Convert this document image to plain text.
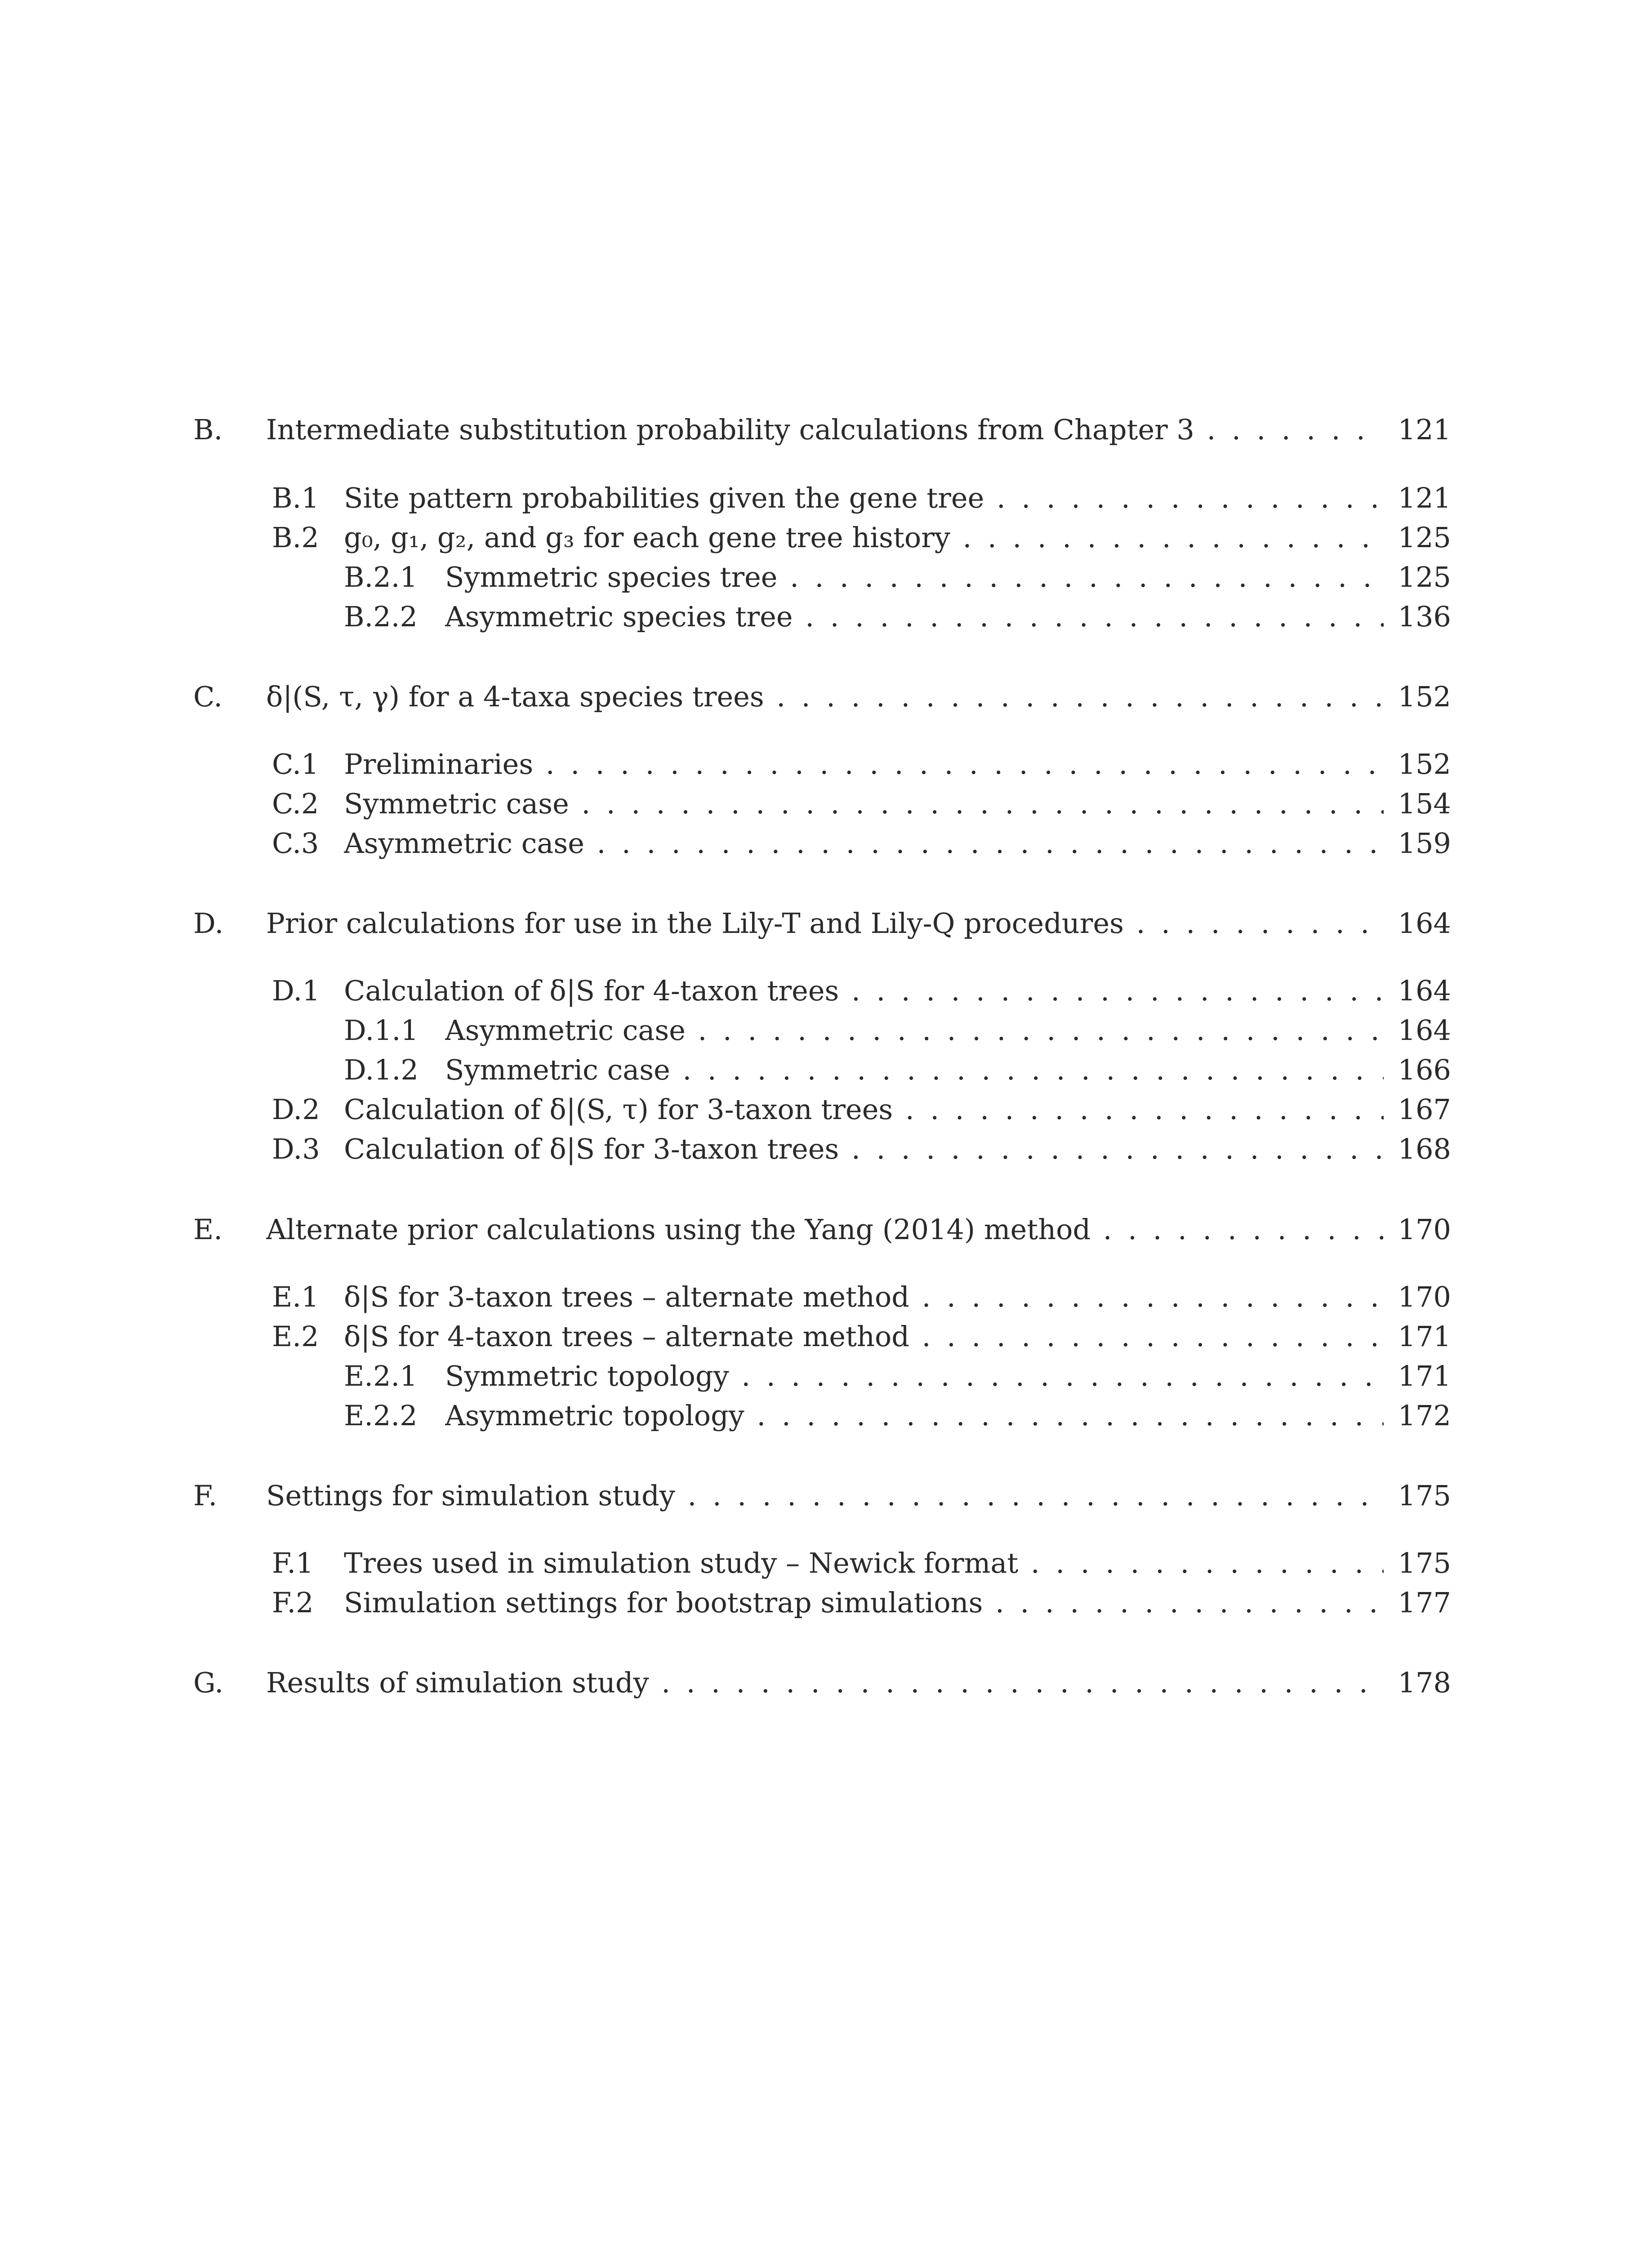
B. Intermediate substitution probability calculations from Chapter 3 . . .	121
B.1 Site pattern probabilities given the gene tree . . .	121
B.2 g₀, g₁, g₂, and g₃ for each gene tree history . . .	125
B.2.1 Symmetric species tree . . .	125
B.2.2 Asymmetric species tree . . .	136
C. δ|(S, τ, γ) for a 4-taxa species trees . . .	152
C.1 Preliminaries . . .	152
C.2 Symmetric case . . .	154
C.3 Asymmetric case . . .	159
D. Prior calculations for use in the Lily-T and Lily-Q procedures . . .	164
D.1 Calculation of δ|S for 4-taxon trees . . .	164
D.1.1 Asymmetric case . . .	164
D.1.2 Symmetric case . . .	166
D.2 Calculation of δ|(S, τ) for 3-taxon trees . . .	167
D.3 Calculation of δ|S for 3-taxon trees . . .	168
E. Alternate prior calculations using the Yang (2014) method . . .	170
E.1 δ|S for 3-taxon trees – alternate method . . .	170
E.2 δ|S for 4-taxon trees – alternate method . . .	171
E.2.1 Symmetric topology . . .	171
E.2.2 Asymmetric topology . . .	172
F. Settings for simulation study . . .	175
F.1 Trees used in simulation study – Newick format . . .	175
F.2 Simulation settings for bootstrap simulations . . .	177
G. Results of simulation study . . .	178
